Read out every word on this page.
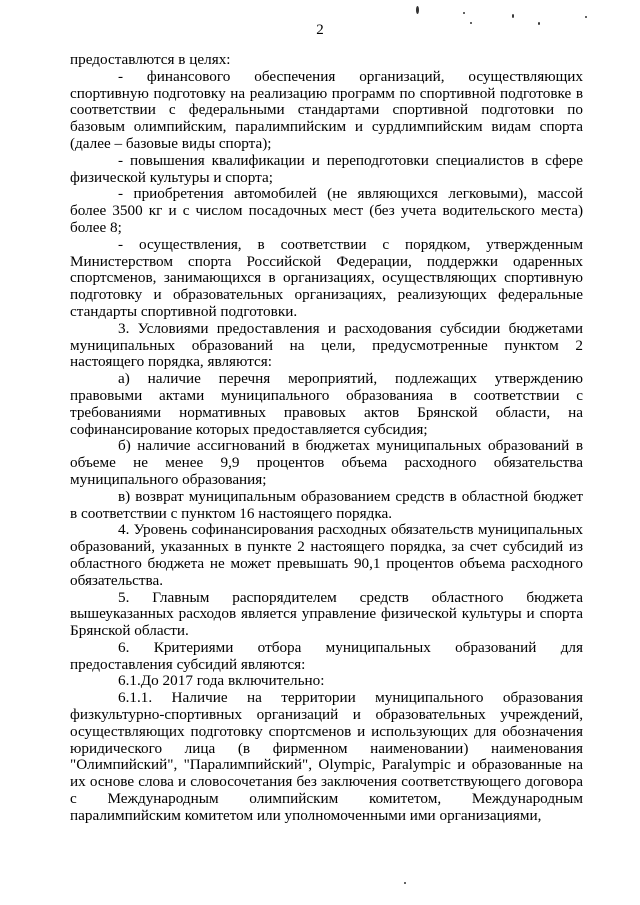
2

предоставлются в целях:

- финансового обеспечения организаций, осуществляющих спортивную подготовку на реализацию программ по спортивной подготовке в соответствии с федеральными стандартами спортивной подготовки по базовым олимпийским, паралимпийским и сурдлимпийским видам спорта (далее – базовые виды спорта);

- повышения квалификации и переподготовки специалистов в сфере физической культуры и спорта;

- приобретения автомобилей (не являющихся легковыми), массой более 3500 кг и с числом посадочных мест (без учета водительского места) более 8;

- осуществления, в соответствии с порядком, утвержденным Министерством спорта Российской Федерации, поддержки одаренных спортсменов, занимающихся в организациях, осуществляющих спортивную подготовку и образовательных организациях, реализующих федеральные стандарты спортивной подготовки.

3. Условиями предоставления и расходования субсидии бюджетами муниципальных образований на цели, предусмотренные пунктом 2 настоящего порядка, являются:

а) наличие перечня мероприятий, подлежащих утверждению правовыми актами муниципального образованияа в соответствии с требованиями нормативных правовых актов Брянской области, на софинансирование которых предоставляется субсидия;

б) наличие ассигнований в бюджетах муниципальных образований в объеме не менее 9,9 процентов объема расходного обязательства муниципального образования;

в) возврат муниципальным образованием средств в областной бюджет в соответствии с пунктом 16 настоящего порядка.

4. Уровень софинансирования расходных обязательств муниципальных образований, указанных в пункте 2 настоящего порядка, за счет субсидий из областного бюджета не может превышать 90,1 процентов объема расходного обязательства.

5. Главным распорядителем средств областного бюджета вышеуказанных расходов является управление физической культуры и спорта Брянской области.

6. Критериями отбора муниципальных образований для предоставления субсидий являются:

6.1.До 2017 года включительно:

6.1.1. Наличие на территории муниципального образования физкультурно-спортивных организаций и образовательных учреждений, осуществляющих подготовку спортсменов и использующих для обозначения юридического лица (в фирменном наименовании) наименования "Олимпийский", "Паралимпийский", Olympic, Paralympic и образованные на их основе слова и словосочетания без заключения соответствующего договора с Международным олимпийским комитетом, Международным паралимпийским комитетом или уполномоченными ими организациями,
